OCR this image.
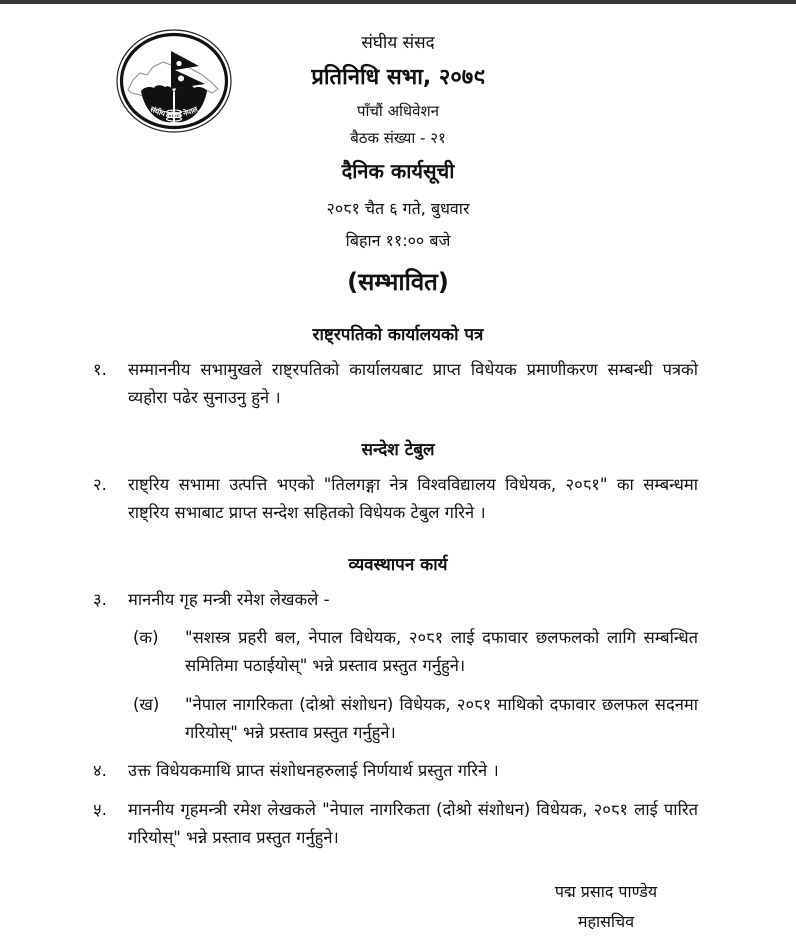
संघीय संसद नेपाल
संघीय संसद
प्रतिनिधि सभा, २०७९
पाँचौं अधिवेशन
बैठक संख्या - २१
दैनिक कार्यसूची
२०८१ चैत ६ गते, बुधवार
बिहान ११:०० बजे
(सम्भावित)
राष्ट्रपतिको कार्यालयको पत्र
१.	सम्माननीय सभामुखले राष्ट्रपतिको कार्यालयबाट प्राप्त विधेयक प्रमाणीकरण सम्बन्धी पत्रको व्यहोरा पढेर सुनाउनु हुने ।
सन्देश टेबुल
२.	राष्ट्रिय सभामा उत्पत्ति भएको "तिलगङ्गा नेत्र विश्वविद्यालय विधेयक, २०८१" का सम्बन्धमा राष्ट्रिय सभाबाट प्राप्त सन्देश सहितको विधेयक टेबुल गरिने ।
व्यवस्थापन कार्य
३.	माननीय गृह मन्त्री रमेश लेखकले -
(क)	"सशस्त्र प्रहरी बल, नेपाल विधेयक, २०८१ लाई दफावार छलफलको लागि सम्बन्धित समितिमा पठाईयोस्" भन्ने प्रस्ताव प्रस्तुत गर्नुहुने।
(ख)	"नेपाल नागरिकता (दोश्रो संशोधन) विधेयक, २०८१ माथिको दफावार छलफल सदनमा गरियोस्" भन्ने प्रस्ताव प्रस्तुत गर्नुहुने।
४.	उक्त विधेयकमाथि प्राप्त संशोधनहरुलाई निर्णयार्थ प्रस्तुत गरिने ।
५.	माननीय गृहमन्त्री रमेश लेखकले "नेपाल नागरिकता (दोश्रो संशोधन) विधेयक, २०८१ लाई पारित गरियोस्" भन्ने प्रस्ताव प्रस्तुत गर्नुहुने।
पद्म प्रसाद पाण्डेय
महासचिव
